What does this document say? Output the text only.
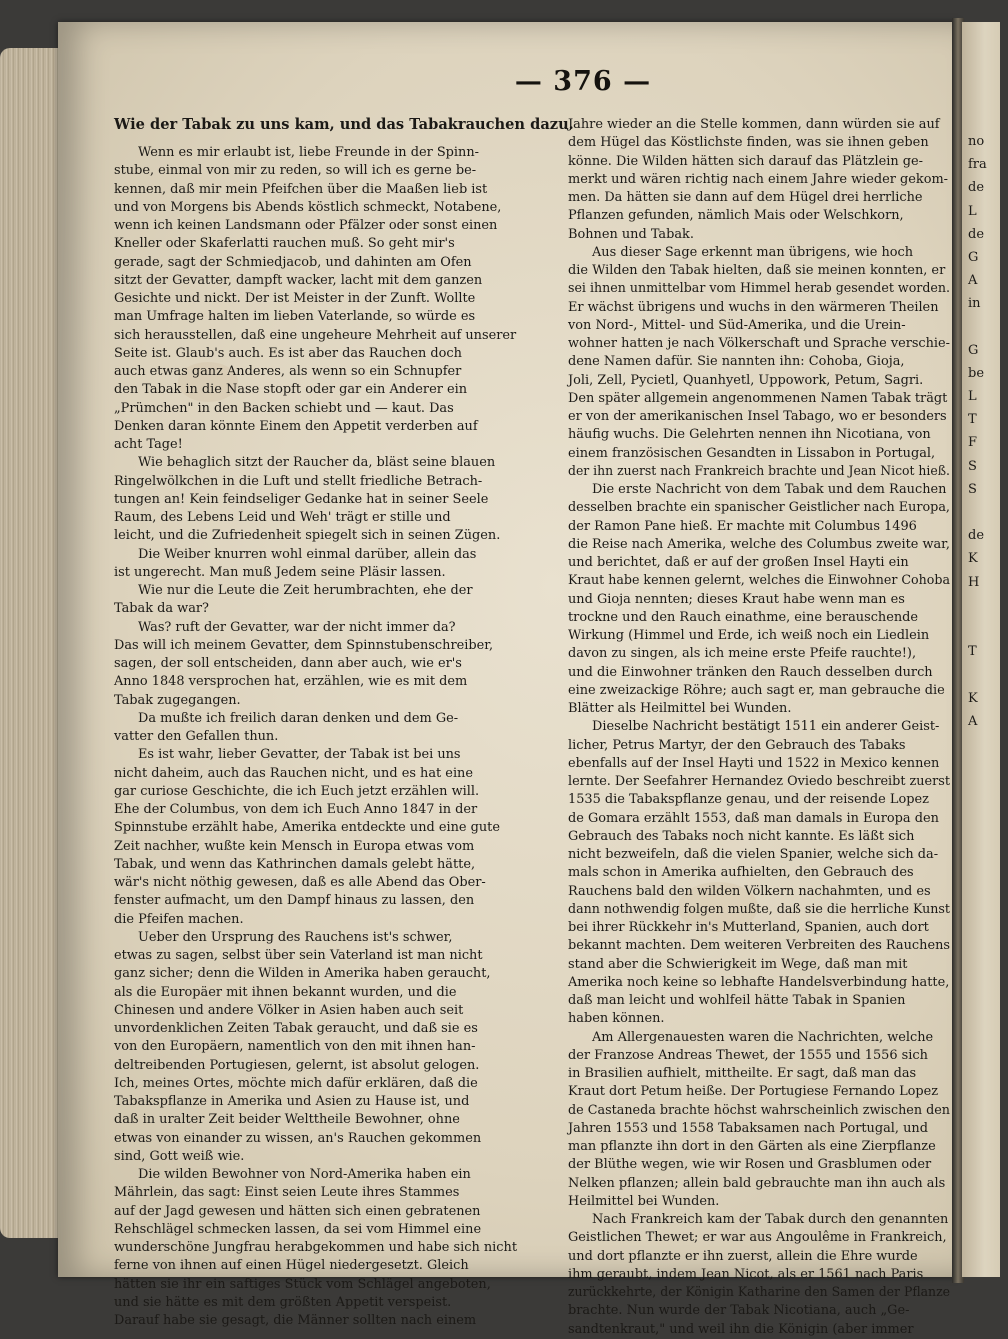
no
fra
de
L
de
G
A
in
G
be
L
T
F
S
S
de
K
H
T
K
A
— 376 —
Wie der Tabak zu uns kam, und das Tabakrauchen dazu.
Wenn es mir erlaubt ist, liebe Freunde in der Spinn-
stube, einmal von mir zu reden, so will ich es gerne be-
kennen, daß mir mein Pfeifchen über die Maaßen lieb ist
und von Morgens bis Abends köstlich schmeckt, Notabene,
wenn ich keinen Landsmann oder Pfälzer oder sonst einen
Kneller oder Skaferlatti rauchen muß. So geht mir's
gerade, sagt der Schmiedjacob, und dahinten am Ofen
sitzt der Gevatter, dampft wacker, lacht mit dem ganzen
Gesichte und nickt. Der ist Meister in der Zunft. Wollte
man Umfrage halten im lieben Vaterlande, so würde es
sich herausstellen, daß eine ungeheure Mehrheit auf unserer
Seite ist. Glaub's auch. Es ist aber das Rauchen doch
auch etwas ganz Anderes, als wenn so ein Schnupfer
den Tabak in die Nase stopft oder gar ein Anderer ein
„Prümchen" in den Backen schiebt und — kaut. Das
Denken daran könnte Einem den Appetit verderben auf
acht Tage!
Wie behaglich sitzt der Raucher da, bläst seine blauen
Ringelwölkchen in die Luft und stellt friedliche Betrach-
tungen an! Kein feindseliger Gedanke hat in seiner Seele
Raum, des Lebens Leid und Weh' trägt er stille und
leicht, und die Zufriedenheit spiegelt sich in seinen Zügen.
Die Weiber knurren wohl einmal darüber, allein das
ist ungerecht. Man muß Jedem seine Pläsir lassen.
Wie nur die Leute die Zeit herumbrachten, ehe der
Tabak da war?
Was? ruft der Gevatter, war der nicht immer da?
Das will ich meinem Gevatter, dem Spinnstubenschreiber,
sagen, der soll entscheiden, dann aber auch, wie er's
Anno 1848 versprochen hat, erzählen, wie es mit dem
Tabak zugegangen.
Da mußte ich freilich daran denken und dem Ge-
vatter den Gefallen thun.
Es ist wahr, lieber Gevatter, der Tabak ist bei uns
nicht daheim, auch das Rauchen nicht, und es hat eine
gar curiose Geschichte, die ich Euch jetzt erzählen will.
Ehe der Columbus, von dem ich Euch Anno 1847 in der
Spinnstube erzählt habe, Amerika entdeckte und eine gute
Zeit nachher, wußte kein Mensch in Europa etwas vom
Tabak, und wenn das Kathrinchen damals gelebt hätte,
wär's nicht nöthig gewesen, daß es alle Abend das Ober-
fenster aufmacht, um den Dampf hinaus zu lassen, den
die Pfeifen machen.
Ueber den Ursprung des Rauchens ist's schwer,
etwas zu sagen, selbst über sein Vaterland ist man nicht
ganz sicher; denn die Wilden in Amerika haben geraucht,
als die Europäer mit ihnen bekannt wurden, und die
Chinesen und andere Völker in Asien haben auch seit
unvordenklichen Zeiten Tabak geraucht, und daß sie es
von den Europäern, namentlich von den mit ihnen han-
deltreibenden Portugiesen, gelernt, ist absolut gelogen.
Ich, meines Ortes, möchte mich dafür erklären, daß die
Tabakspflanze in Amerika und Asien zu Hause ist, und
daß in uralter Zeit beider Welttheile Bewohner, ohne
etwas von einander zu wissen, an's Rauchen gekommen
sind, Gott weiß wie.
Die wilden Bewohner von Nord-Amerika haben ein
Mährlein, das sagt: Einst seien Leute ihres Stammes
auf der Jagd gewesen und hätten sich einen gebratenen
Rehschlägel schmecken lassen, da sei vom Himmel eine
wunderschöne Jungfrau herabgekommen und habe sich nicht
ferne von ihnen auf einen Hügel niedergesetzt. Gleich
hätten sie ihr ein saftiges Stück vom Schlägel angeboten,
und sie hätte es mit dem größten Appetit verspeist.
Darauf habe sie gesagt, die Männer sollten nach einem
Jahre wieder an die Stelle kommen, dann würden sie auf
dem Hügel das Köstlichste finden, was sie ihnen geben
könne. Die Wilden hätten sich darauf das Plätzlein ge-
merkt und wären richtig nach einem Jahre wieder gekom-
men. Da hätten sie dann auf dem Hügel drei herrliche
Pflanzen gefunden, nämlich Mais oder Welschkorn,
Bohnen und Tabak.
Aus dieser Sage erkennt man übrigens, wie hoch
die Wilden den Tabak hielten, daß sie meinen konnten, er
sei ihnen unmittelbar vom Himmel herab gesendet worden.
Er wächst übrigens und wuchs in den wärmeren Theilen
von Nord-, Mittel- und Süd-Amerika, und die Urein-
wohner hatten je nach Völkerschaft und Sprache verschie-
dene Namen dafür. Sie nannten ihn: Cohoba, Gioja,
Joli, Zell, Pycietl, Quanhyetl, Uppowork, Petum, Sagri.
Den später allgemein angenommenen Namen Tabak trägt
er von der amerikanischen Insel Tabago, wo er besonders
häufig wuchs. Die Gelehrten nennen ihn Nicotiana, von
einem französischen Gesandten in Lissabon in Portugal,
der ihn zuerst nach Frankreich brachte und Jean Nicot hieß.
Die erste Nachricht von dem Tabak und dem Rauchen
desselben brachte ein spanischer Geistlicher nach Europa,
der Ramon Pane hieß. Er machte mit Columbus 1496
die Reise nach Amerika, welche des Columbus zweite war,
und berichtet, daß er auf der großen Insel Hayti ein
Kraut habe kennen gelernt, welches die Einwohner Cohoba
und Gioja nennten; dieses Kraut habe wenn man es
trockne und den Rauch einathme, eine berauschende
Wirkung (Himmel und Erde, ich weiß noch ein Liedlein
davon zu singen, als ich meine erste Pfeife rauchte!),
und die Einwohner tränken den Rauch desselben durch
eine zweizackige Röhre; auch sagt er, man gebrauche die
Blätter als Heilmittel bei Wunden.
Dieselbe Nachricht bestätigt 1511 ein anderer Geist-
licher, Petrus Martyr, der den Gebrauch des Tabaks
ebenfalls auf der Insel Hayti und 1522 in Mexico kennen
lernte. Der Seefahrer Hernandez Oviedo beschreibt zuerst
1535 die Tabakspflanze genau, und der reisende Lopez
de Gomara erzählt 1553, daß man damals in Europa den
Gebrauch des Tabaks noch nicht kannte. Es läßt sich
nicht bezweifeln, daß die vielen Spanier, welche sich da-
mals schon in Amerika aufhielten, den Gebrauch des
Rauchens bald den wilden Völkern nachahmten, und es
dann nothwendig folgen mußte, daß sie die herrliche Kunst
bei ihrer Rückkehr in's Mutterland, Spanien, auch dort
bekannt machten. Dem weiteren Verbreiten des Rauchens
stand aber die Schwierigkeit im Wege, daß man mit
Amerika noch keine so lebhafte Handelsverbindung hatte,
daß man leicht und wohlfeil hätte Tabak in Spanien
haben können.
Am Allergenauesten waren die Nachrichten, welche
der Franzose Andreas Thewet, der 1555 und 1556 sich
in Brasilien aufhielt, mittheilte. Er sagt, daß man das
Kraut dort Petum heiße. Der Portugiese Fernando Lopez
de Castaneda brachte höchst wahrscheinlich zwischen den
Jahren 1553 und 1558 Tabaksamen nach Portugal, und
man pflanzte ihn dort in den Gärten als eine Zierpflanze
der Blüthe wegen, wie wir Rosen und Grasblumen oder
Nelken pflanzen; allein bald gebrauchte man ihn auch als
Heilmittel bei Wunden.
Nach Frankreich kam der Tabak durch den genannten
Geistlichen Thewet; er war aus Angoulême in Frankreich,
und dort pflanzte er ihn zuerst, allein die Ehre wurde
ihm geraubt, indem Jean Nicot, als er 1561 nach Paris
zurückkehrte, der Königin Katharine den Samen der Pflanze
brachte. Nun wurde der Tabak Nicotiana, auch „Ge-
sandtenkraut," und weil ihn die Königin (aber immer
